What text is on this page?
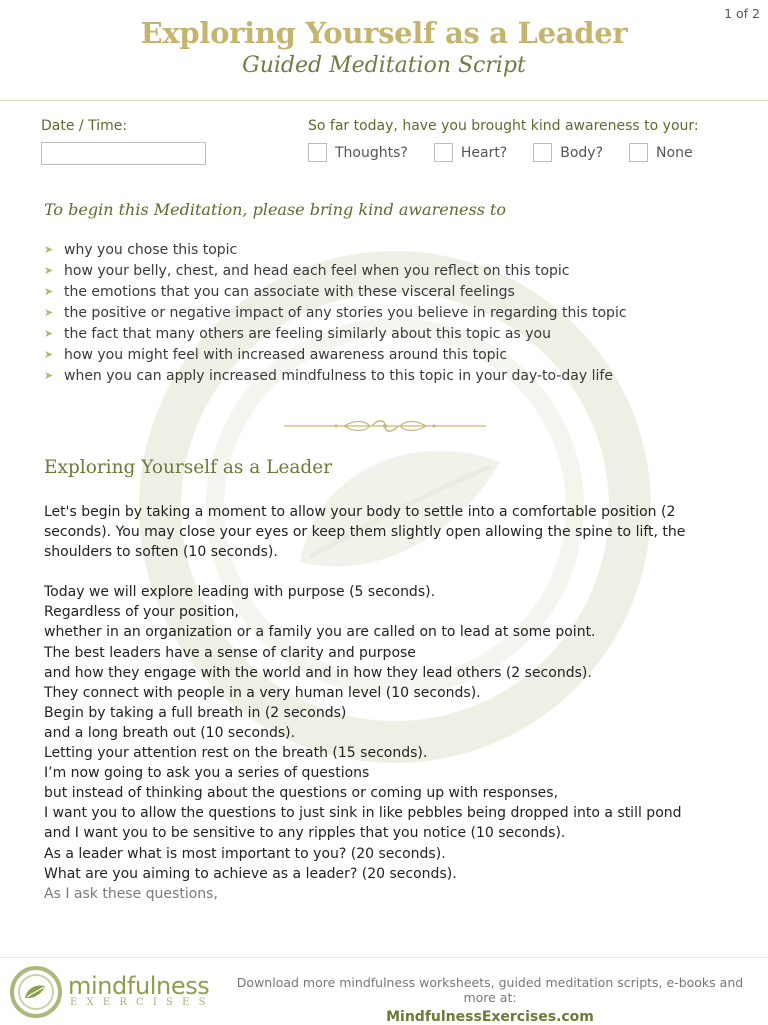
1 of 2
Exploring Yourself as a Leader
Guided Meditation Script
Date / Time:	So far today, have you brought kind awareness to your:
Thoughts?	Heart?	Body?	None
To begin this Meditation, please bring kind awareness to
➤ why you chose this topic
➤ how your belly, chest, and head each feel when you reflect on this topic
➤ the emotions that you can associate with these visceral feelings
➤ the positive or negative impact of any stories you believe in regarding this topic
➤ the fact that many others are feeling similarly about this topic as you
➤ how you might feel with increased awareness around this topic
➤ when you can apply increased mindfulness to this topic in your day-to-day life
Exploring Yourself as a Leader

Let's begin by taking a moment to allow your body to settle into a comfortable position (2

seconds). You may close your eyes or keep them slightly open allowing the spine to lift, the

shoulders to soften (10 seconds).

Today we will explore leading with purpose (5 seconds).

Regardless of your position,

whether in an organization or a family you are called on to lead at some point.

The best leaders have a sense of clarity and purpose

and how they engage with the world and in how they lead others (2 seconds).

They connect with people in a very human level (10 seconds).

Begin by taking a full breath in (2 seconds)

and a long breath out (10 seconds).

Letting your attention rest on the breath (15 seconds).

I’m now going to ask you a series of questions

but instead of thinking about the questions or coming up with responses,

I want you to allow the questions to just sink in like pebbles being dropped into a still pond

and I want you to be sensitive to any ripples that you notice (10 seconds).

As a leader what is most important to you? (20 seconds).

What are you aiming to achieve as a leader? (20 seconds).

As I ask these questions,

mindfulness
EXERCISES
Download more mindfulness worksheets, guided meditation scripts, e-books and more at:
MindfulnessExercises.com
